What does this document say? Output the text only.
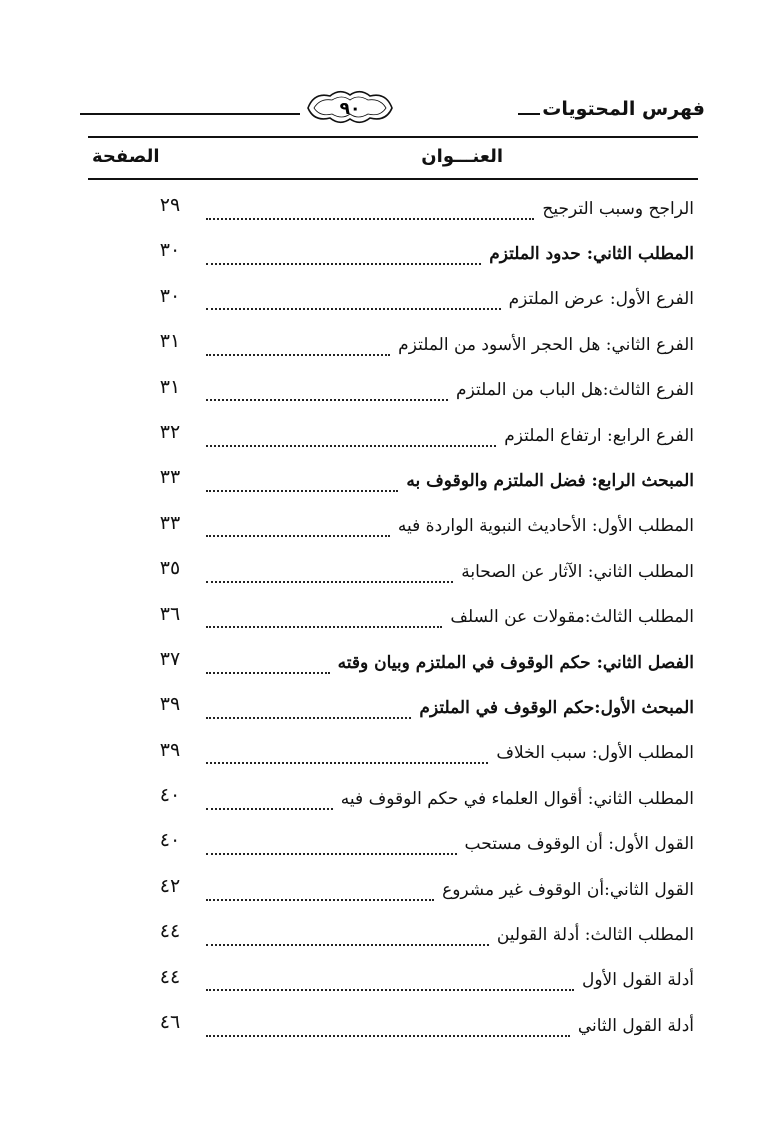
فهرس المحتويات
٩٠
العنـــوان
الصفحة
الراجح وسبب الترجيح
٢٩
المطلب الثاني: حدود الملتزم
٣٠
الفرع الأول: عرض الملتزم
٣٠
الفرع الثاني: هل الحجر الأسود من الملتزم
٣١
الفرع الثالث:هل الباب من الملتزم
٣١
الفرع الرابع: ارتفاع الملتزم
٣٢
المبحث الرابع: فضل الملتزم والوقوف به
٣٣
المطلب الأول: الأحاديث النبوية الواردة فيه
٣٣
المطلب الثاني: الآثار عن الصحابة
٣٥
المطلب الثالث:مقولات عن السلف
٣٦
الفصل الثاني: حكم الوقوف في الملتزم وبيان وقته
٣٧
المبحث الأول:حكم الوقوف في الملتزم
٣٩
المطلب الأول: سبب الخلاف
٣٩
المطلب الثاني: أقوال العلماء في حكم الوقوف فيه
٤٠
القول الأول: أن الوقوف مستحب
٤٠
القول الثاني:أن الوقوف غير مشروع
٤٢
المطلب الثالث: أدلة القولين
٤٤
أدلة القول الأول
٤٤
أدلة القول الثاني
٤٦
